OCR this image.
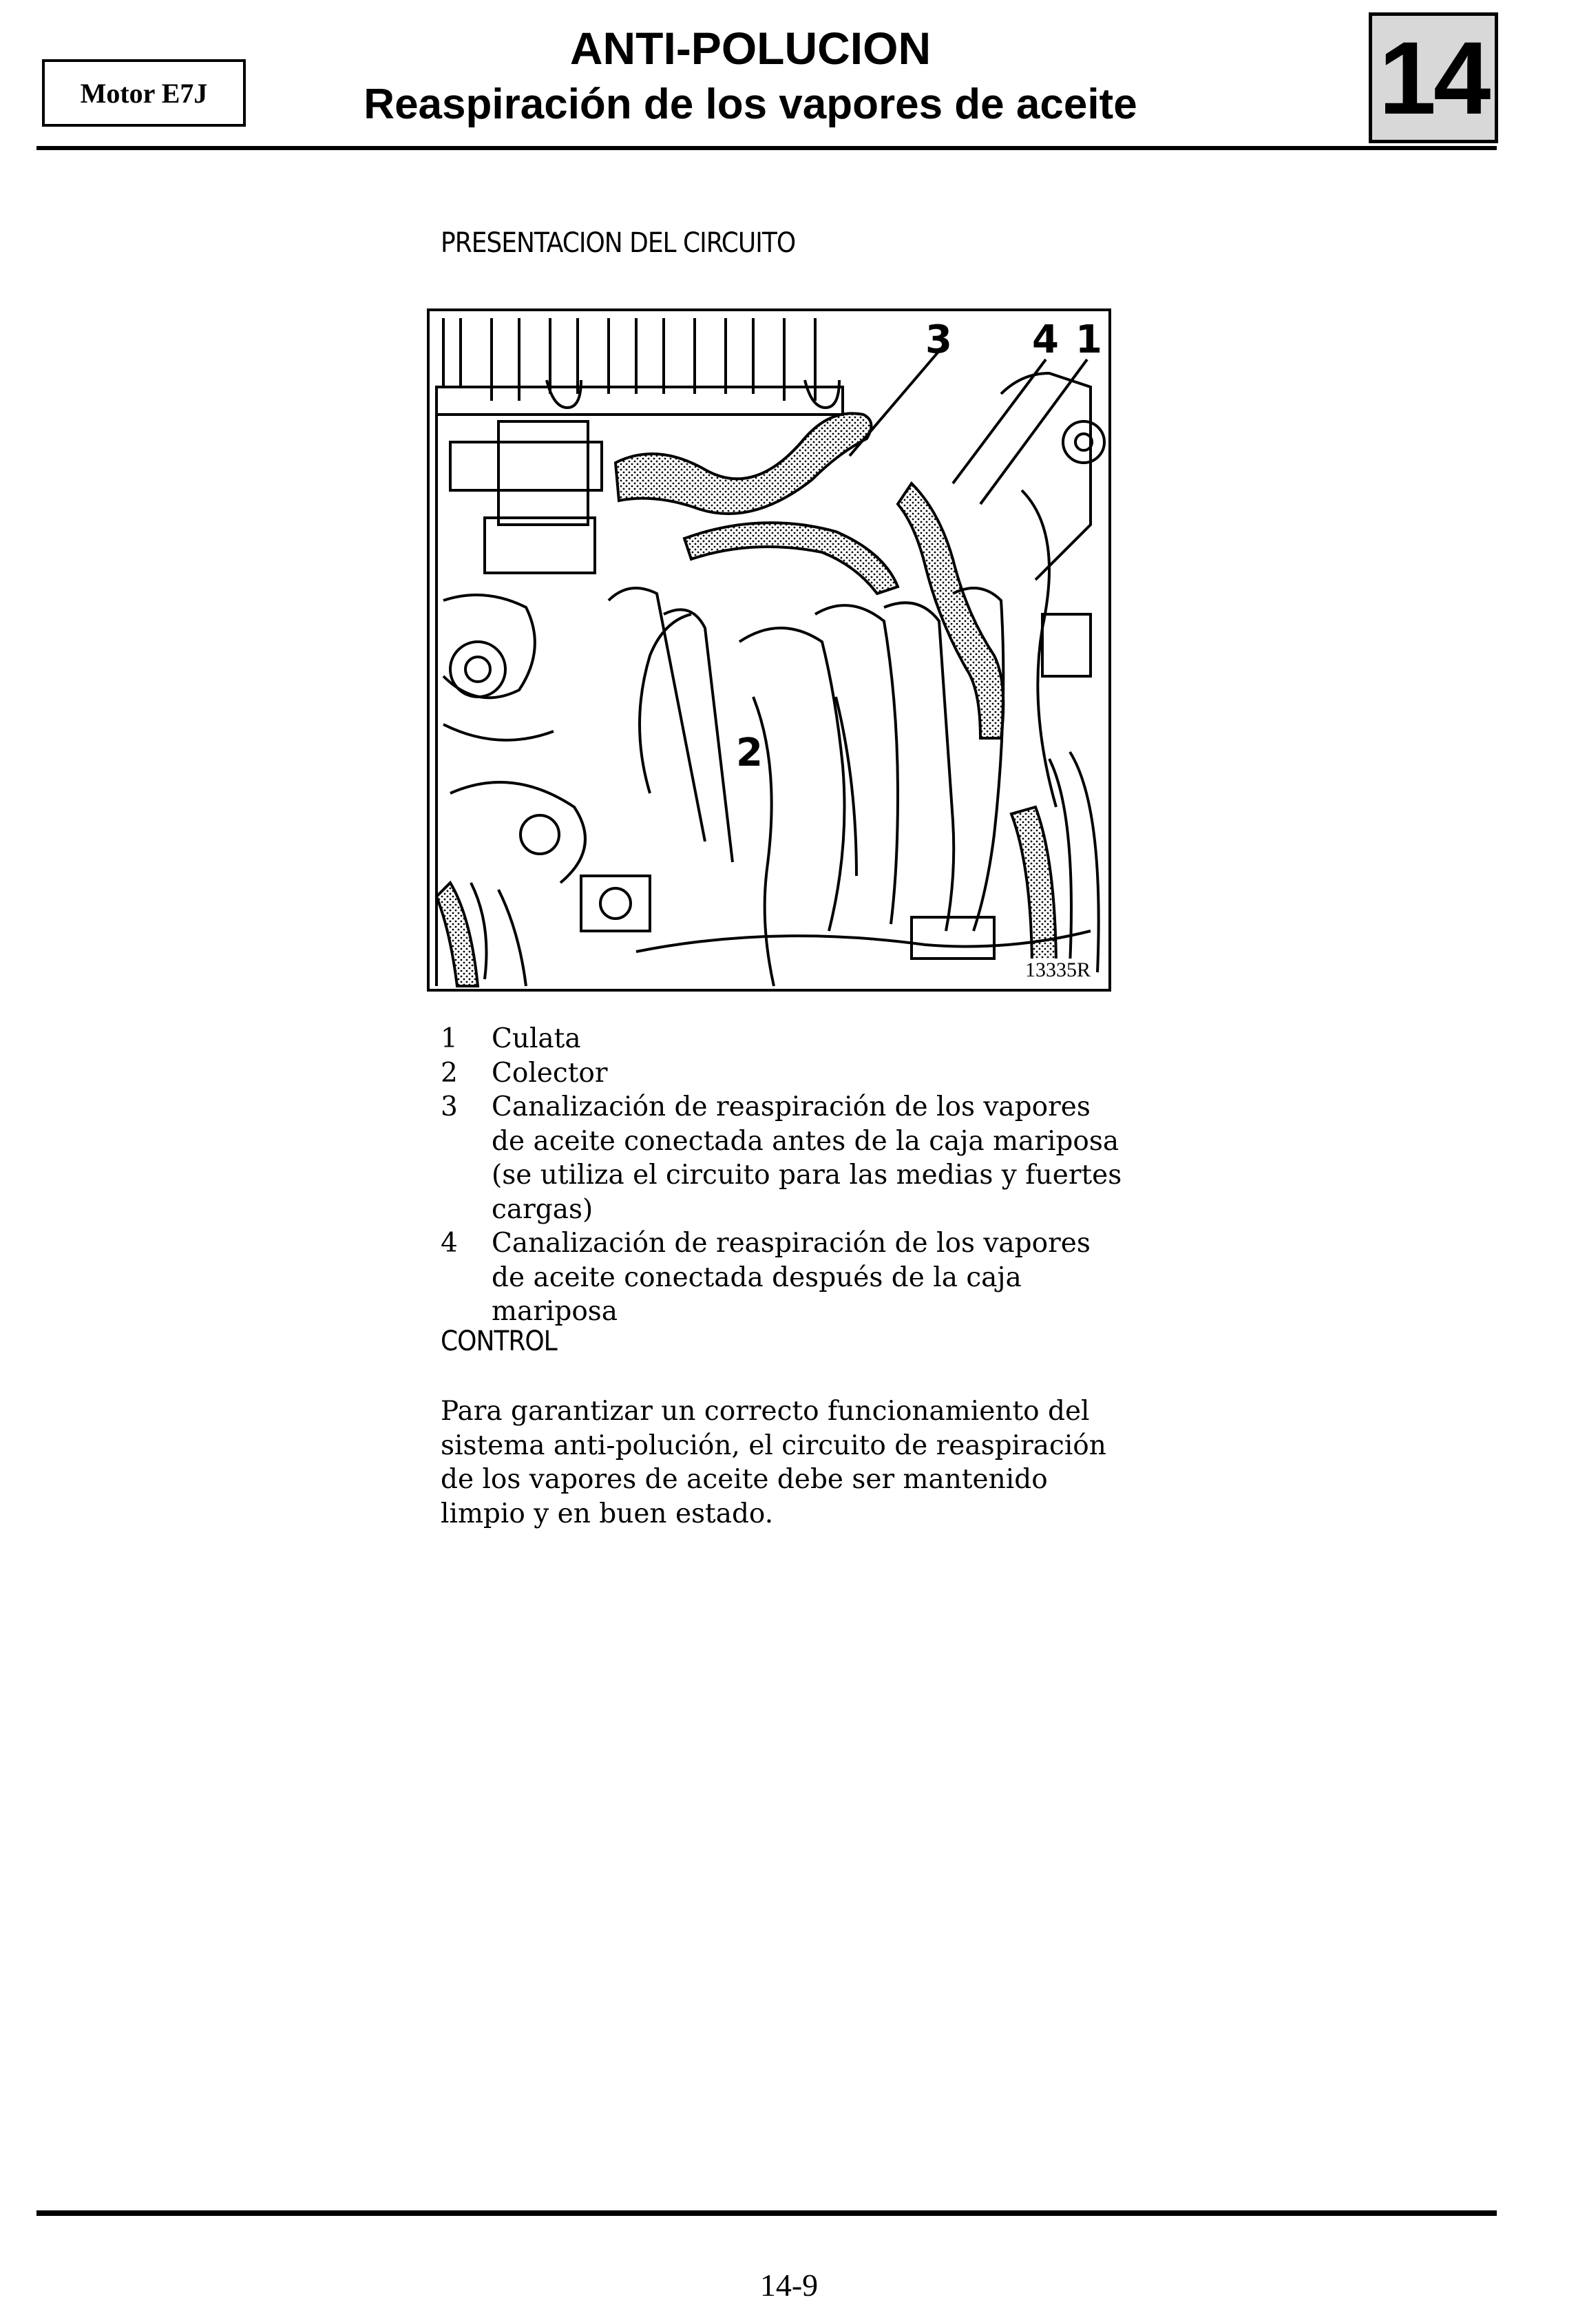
Motor E7J
ANTI-POLUCION
Reaspiración de los vapores de aceite	14
PRESENTACION DEL CIRCUITO
3 4 1
2
13335R
1	Culata
2	Colector
3	Canalización de reaspiración de los vapores de aceite conectada antes de la caja mariposa (se utiliza el circuito para las medias y fuertes cargas)
4	Canalización de reaspiración de los vapores de aceite conectada después de la caja mariposa
CONTROL
Para garantizar un correcto funcionamiento del sistema anti-polución, el circuito de reaspiración de los vapores de aceite debe ser mantenido limpio y en buen estado.
14-9
